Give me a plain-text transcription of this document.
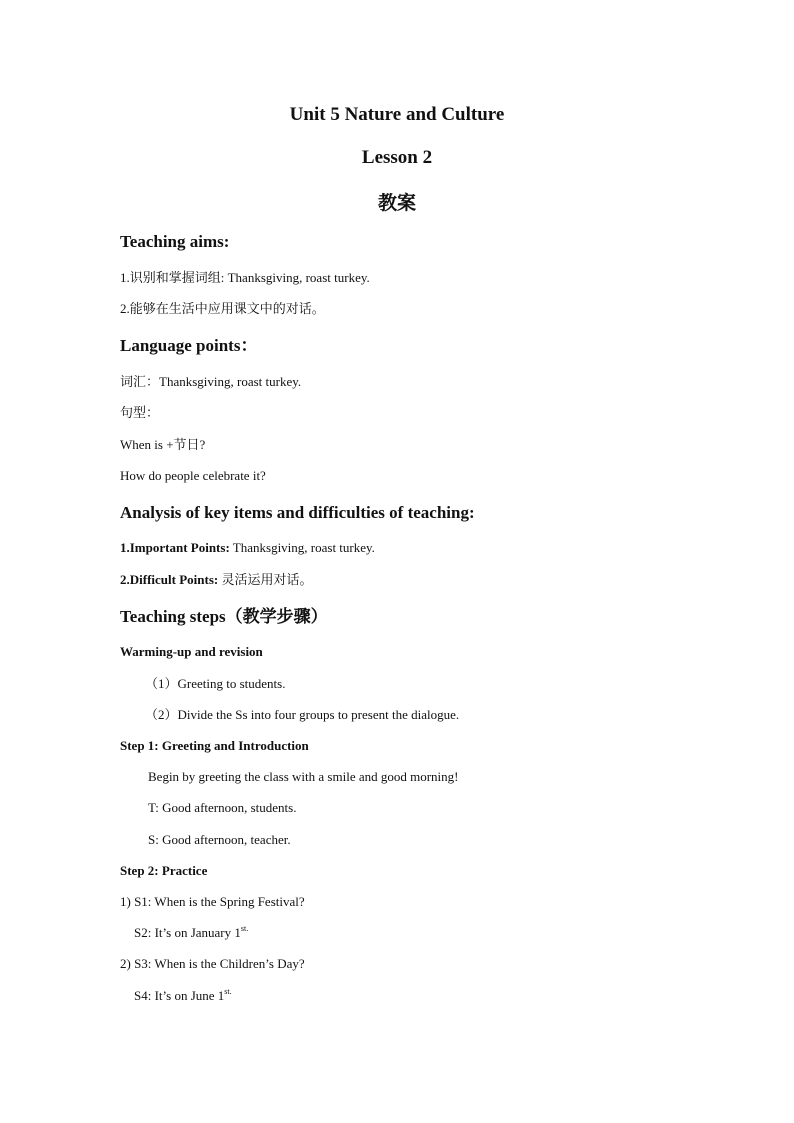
Unit 5 Nature and Culture
Lesson 2
教案
Teaching aims:
1.识别和掌握词组: Thanksgiving, roast turkey.
2.能够在生活中应用课文中的对话。
Language points：
词汇：Thanksgiving, roast turkey.
句型：
When is +节日?
How do people celebrate it?
Analysis of key items and difficulties of teaching:
1.Important Points: Thanksgiving, roast turkey.
2.Difficult Points: 灵活运用对话。
Teaching steps（教学步骤）
Warming-up and revision
（1）Greeting to students.
（2）Divide the Ss into four groups to present the dialogue.
Step 1: Greeting and Introduction
Begin by greeting the class with a smile and good morning!
T: Good afternoon, students.
S: Good afternoon, teacher.
Step 2: Practice
1) S1: When is the Spring Festival?
S2: It’s on January $1^{st.}$
2) S3: When is the Children’s Day?
S4: It’s on June $1^{st.}$
